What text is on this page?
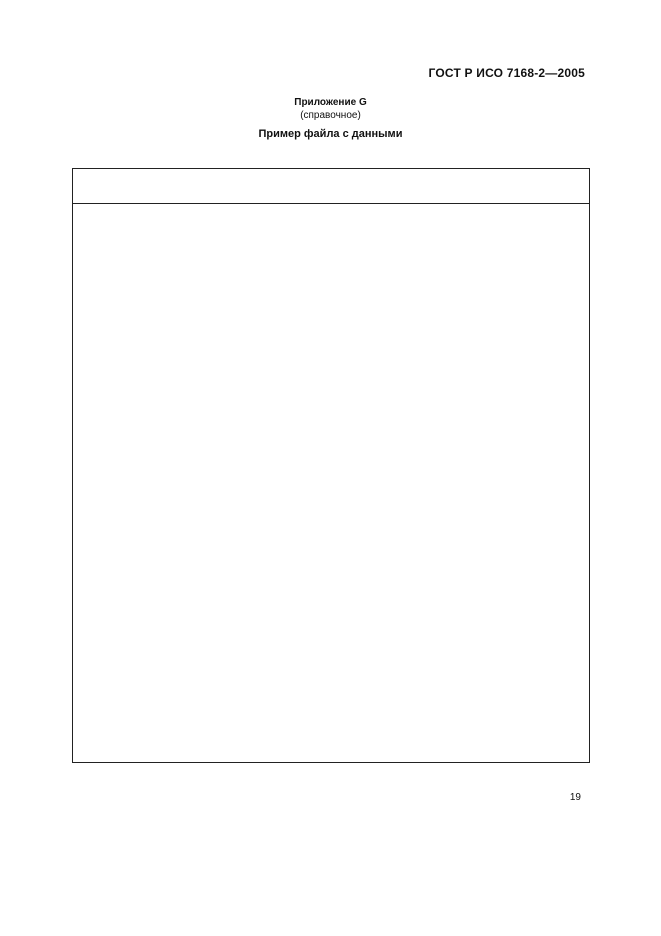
ГОСТ Р ИСО 7168-2—2005
Приложение G
(справочное)
Пример файла с данными
19
